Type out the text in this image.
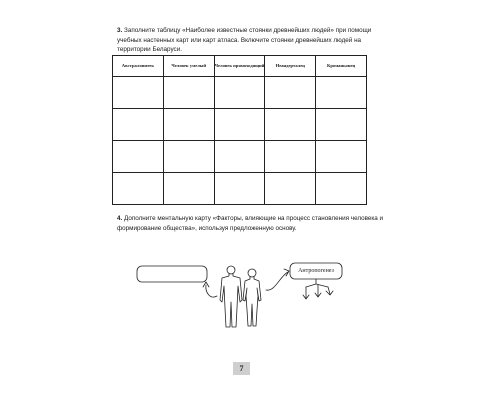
3. Заполните таблицу «Наиболее известные стоянки древнейших людей» при помощи учебных настенных карт или карт атласа. Включите стоянки древнейших людей на территории Беларуси.

Австралопитек	Человек умелый	Человек прямоходящий	Неандерталец	Кроманьонец

4. Дополните ментальную карту «Факторы, влияющие на процесс становления человека и формирование общества», используя предложенную основу.

Антропогенез
7
